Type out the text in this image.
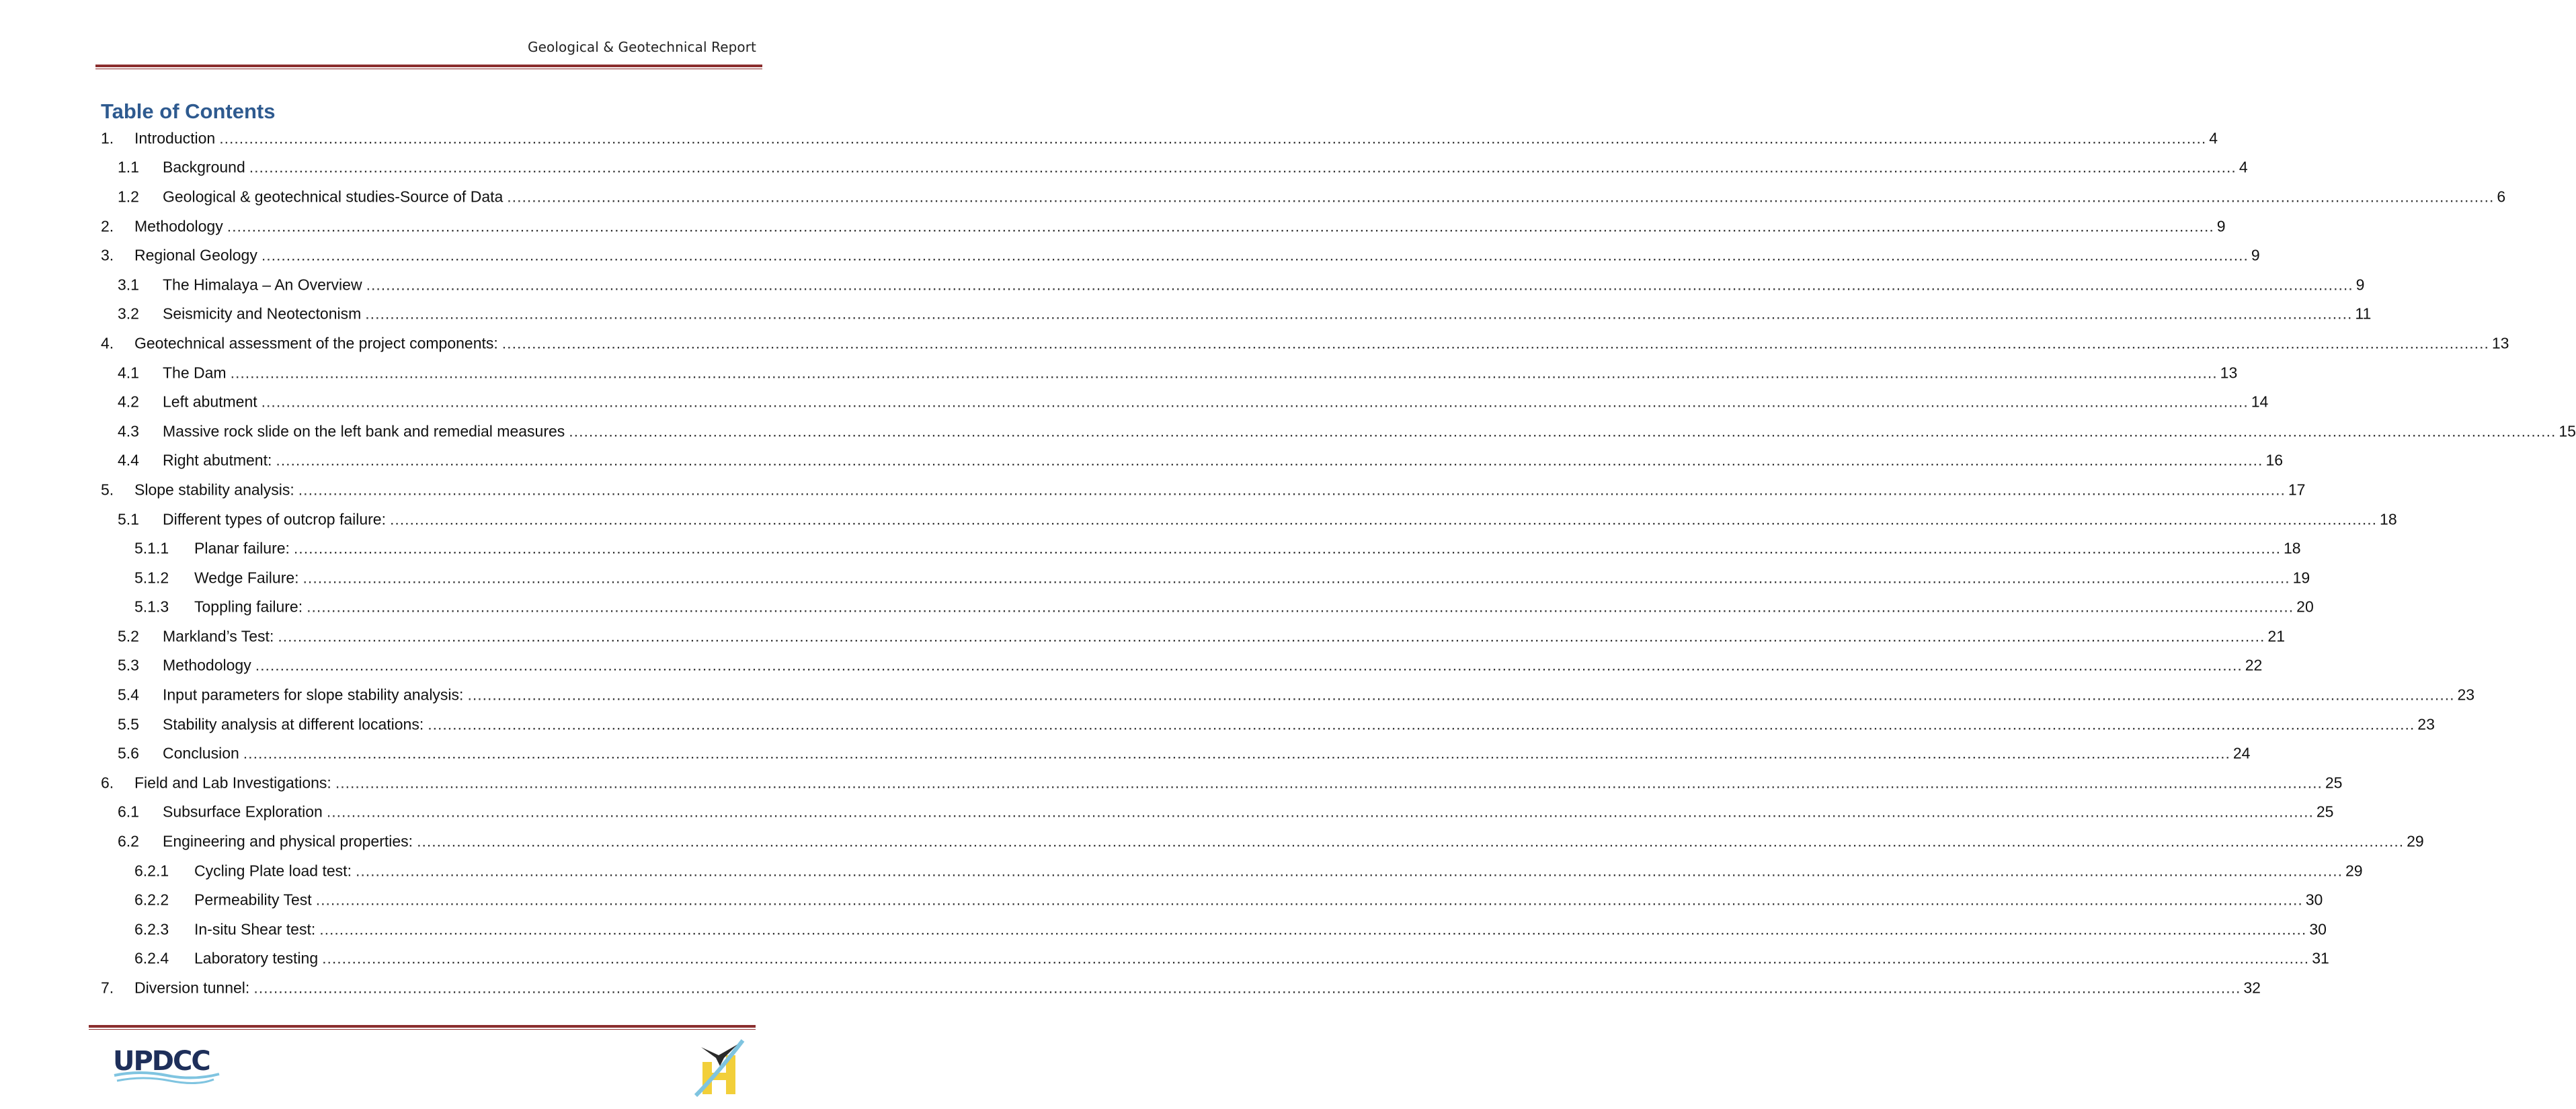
Geological & Geotechnical Report
Table of Contents
1. Introduction ................................................................................................................................................................................................................................................................................................................................................................................................................ 4
1.1 Background ................................................................................................................................................................................................................................................................................................................................................................................................................ 4
1.2 Geological & geotechnical studies-Source of Data ................................................................................................................................................................................................................................................................................................................................................................................................................ 6
2. Methodology ................................................................................................................................................................................................................................................................................................................................................................................................................ 9
3. Regional Geology ................................................................................................................................................................................................................................................................................................................................................................................................................ 9
3.1 The Himalaya – An Overview ................................................................................................................................................................................................................................................................................................................................................................................................................ 9
3.2 Seismicity and Neotectonism ................................................................................................................................................................................................................................................................................................................................................................................................................ 11
4. Geotechnical assessment of the project components: ................................................................................................................................................................................................................................................................................................................................................................................................................ 13
4.1 The Dam ................................................................................................................................................................................................................................................................................................................................................................................................................ 13
4.2 Left abutment ................................................................................................................................................................................................................................................................................................................................................................................................................ 14
4.3 Massive rock slide on the left bank and remedial measures ................................................................................................................................................................................................................................................................................................................................................................................................................ 15
4.4 Right abutment: ................................................................................................................................................................................................................................................................................................................................................................................................................ 16
5. Slope stability analysis: ................................................................................................................................................................................................................................................................................................................................................................................................................ 17
5.1 Different types of outcrop failure: ................................................................................................................................................................................................................................................................................................................................................................................................................ 18
5.1.1 Planar failure: ................................................................................................................................................................................................................................................................................................................................................................................................................ 18
5.1.2 Wedge Failure: ................................................................................................................................................................................................................................................................................................................................................................................................................ 19
5.1.3 Toppling failure: ................................................................................................................................................................................................................................................................................................................................................................................................................ 20
5.2 Markland’s Test: ................................................................................................................................................................................................................................................................................................................................................................................................................ 21
5.3 Methodology ................................................................................................................................................................................................................................................................................................................................................................................................................ 22
5.4 Input parameters for slope stability analysis: ................................................................................................................................................................................................................................................................................................................................................................................................................ 23
5.5 Stability analysis at different locations: ................................................................................................................................................................................................................................................................................................................................................................................................................ 23
5.6 Conclusion ................................................................................................................................................................................................................................................................................................................................................................................................................ 24
6. Field and Lab Investigations: ................................................................................................................................................................................................................................................................................................................................................................................................................ 25
6.1 Subsurface Exploration ................................................................................................................................................................................................................................................................................................................................................................................................................ 25
6.2 Engineering and physical properties: ................................................................................................................................................................................................................................................................................................................................................................................................................ 29
6.2.1 Cycling Plate load test: ................................................................................................................................................................................................................................................................................................................................................................................................................ 29
6.2.2 Permeability Test ................................................................................................................................................................................................................................................................................................................................................................................................................ 30
6.2.3 In-situ Shear test: ................................................................................................................................................................................................................................................................................................................................................................................................................ 30
6.2.4 Laboratory testing ................................................................................................................................................................................................................................................................................................................................................................................................................ 31
7. Diversion tunnel: ................................................................................................................................................................................................................................................................................................................................................................................................................ 32
UPDCC
